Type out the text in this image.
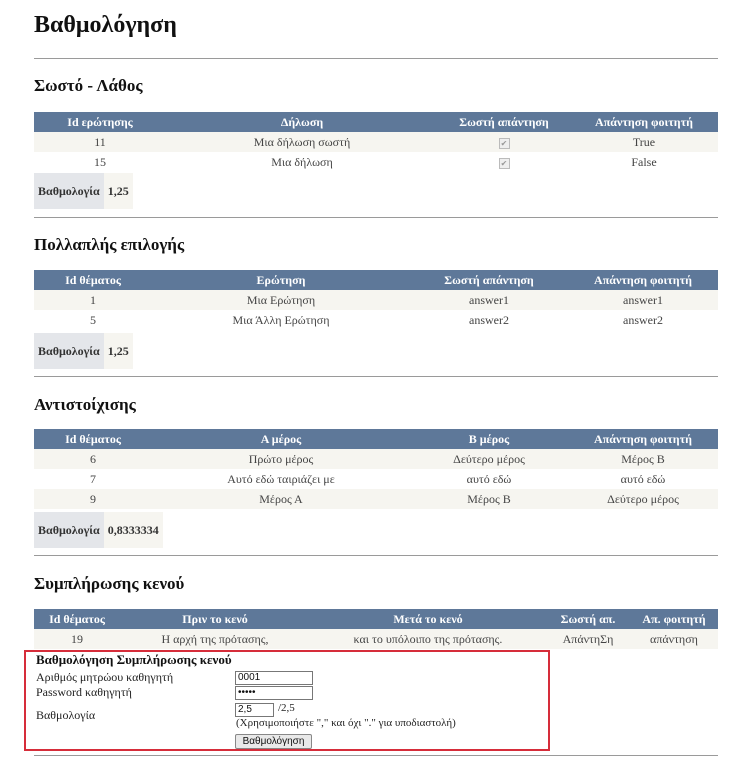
Βαθμολόγηση
Σωστό - Λάθος
Id ερώτησης	Δήλωση	Σωστή απάντηση	Απάντηση φοιτητή
11	Μια δήλωση σωστή	✔	True
15	Μια δήλωση	✔	False
Βαθμολογία 1,25
Πολλαπλής επιλογής
Id θέματος	Ερώτηση	Σωστή απάντηση	Απάντηση φοιτητή
1	Μια Ερώτηση	answer1	answer1
5	Μια Άλλη Ερώτηση	answer2	answer2
Βαθμολογία 1,25
Αντιστοίχισης
Id θέματος	Α μέρος	Β μέρος	Απάντηση φοιτητή
6	Πρώτο μέρος	Δεύτερο μέρος	Μέρος Β
7	Αυτό εδώ ταιριάζει με	αυτό εδώ	αυτό εδώ
9	Μέρος Α	Μέρος Β	Δεύτερο μέρος
Βαθμολογία 0,8333334
Συμπλήρωσης κενού
Id θέματος	Πριν το κενό	Μετά το κενό	Σωστή απ.	Απ. φοιτητή
19	Η αρχή της πρότασης,	και το υπόλοιπο της πρότασης.	ΑπάντηΣη	απάντηση
Βαθμολόγηση Συμπλήρωσης κενού
Αριθμός μητρώου καθηγητή	0001
Password καθηγητή	•••••
Βαθμολογία	2,5	/2,5
(Χρησιμοποιήστε "," και όχι "." για υποδιαστολή)
Βαθμολόγηση
